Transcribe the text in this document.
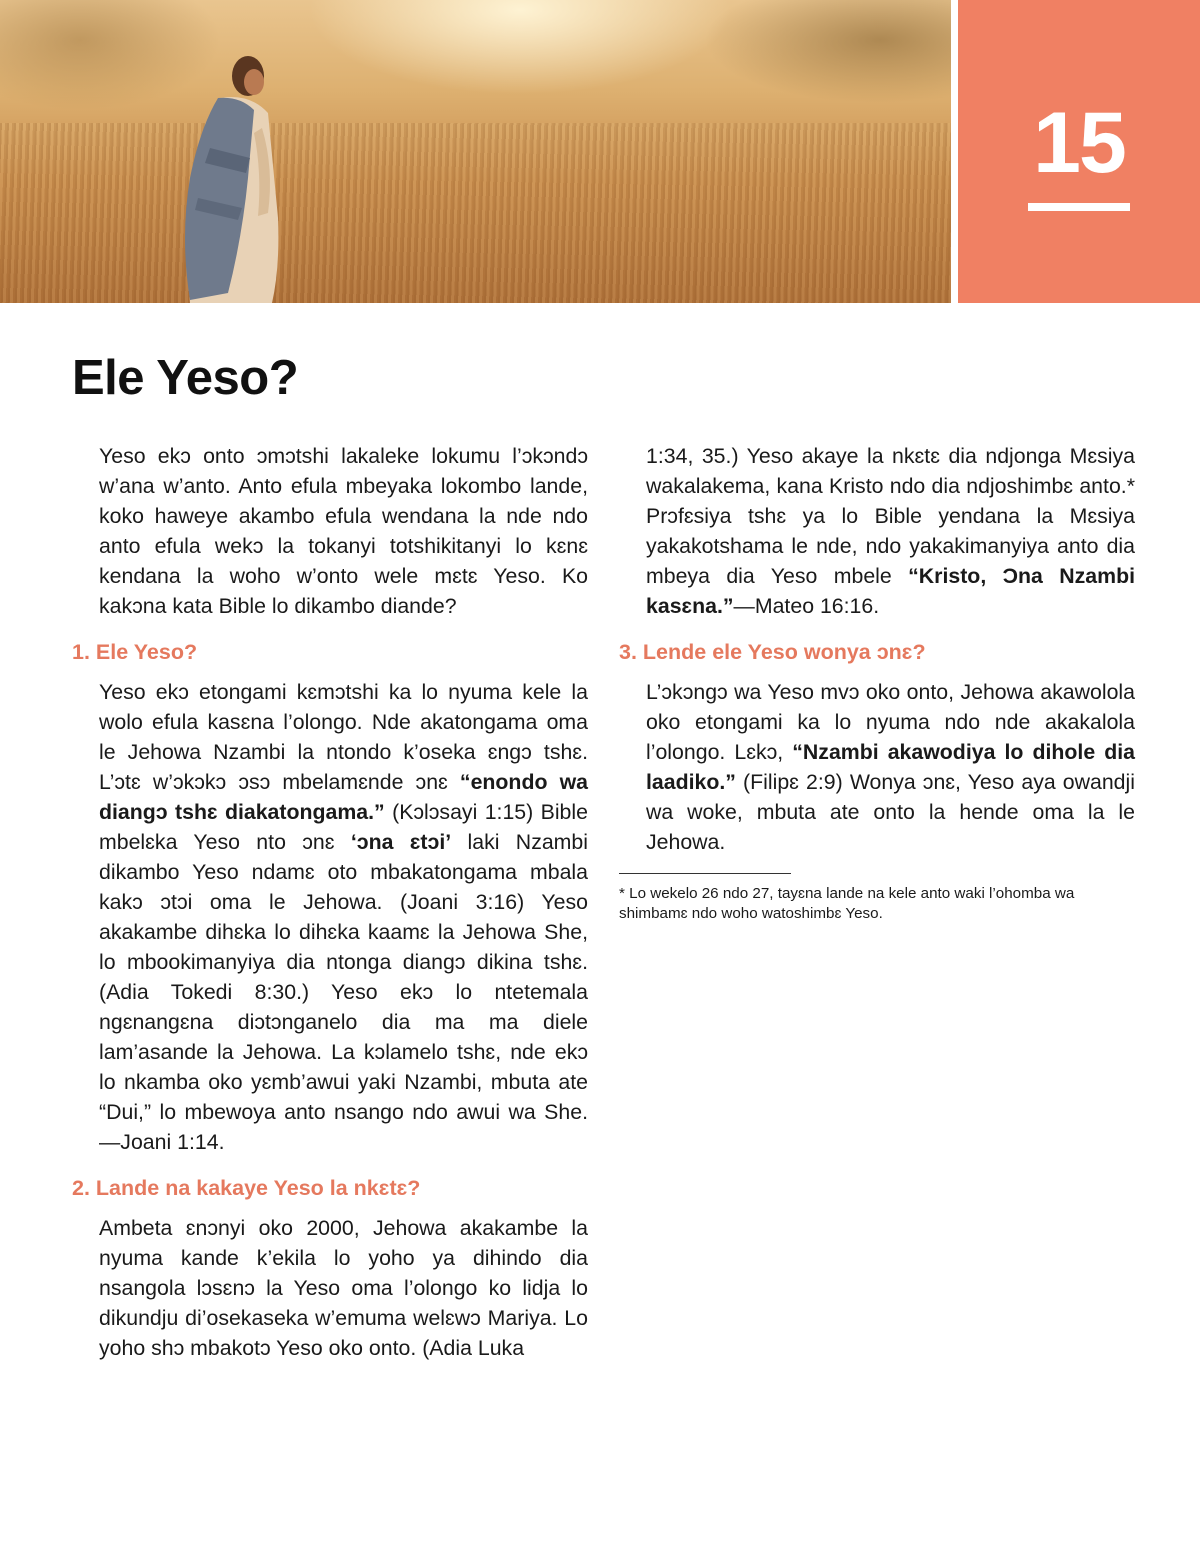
15
Ele Yeso?

Yeso ekɔ onto ɔmɔtshi lakaleke lokumu l’ɔkɔndɔ w’ana w’anto. Anto efula mbeyaka lokombo lande, koko haweye akambo efula wendana la nde ndo anto efula wekɔ la tokanyi totshikitanyi lo kɛnɛ kendana la woho w’onto wele mɛtɛ Yeso. Ko kakɔna kata Bible lo dikambo diande?

1. Ele Yeso?

Yeso ekɔ etongami kɛmɔtshi ka lo nyuma kele la wolo efula kasɛna l’olongo. Nde akatongama oma le Jehowa Nzambi la ntondo k’oseka ɛngɔ tshɛ. L’ɔtɛ w’ɔkɔkɔ ɔsɔ mbelamɛnde ɔnɛ “enondo wa diangɔ tshɛ diakatongama.” (Kɔlɔsayi 1:15) Bible mbelɛka Yeso nto ɔnɛ ‘ɔna ɛtɔi’ laki Nzambi dikambo Yeso ndamɛ oto mbakatongama mbala kakɔ ɔtɔi oma le Jehowa. (Joani 3:16) Yeso akakambe dihɛka lo dihɛka kaamɛ la Jehowa She, lo mbookimanyiya dia ntonga diangɔ dikina tshɛ. (Adia Tokedi 8:30.) Yeso ekɔ lo ntetemala ngɛnangɛna diɔtɔnganelo dia ma ma diele lam’asande la Jehowa. La kɔlamelo tshɛ, nde ekɔ lo nkamba oko yɛmb’awui yaki Nzambi, mbuta ate “Dui,” lo mbewoya anto nsango ndo awui wa She.—Joani 1:14.

2. Lande na kakaye Yeso la nkɛtɛ?

Ambeta ɛnɔnyi oko 2000, Jehowa akakambe la nyuma kande k’ekila lo yoho ya dihindo dia nsangola lɔsɛnɔ la Yeso oma l’olongo ko lidja lo dikundju di’osekaseka w’emuma welɛwɔ Mariya. Lo yoho shɔ mbakotɔ Yeso oko onto. (Adia Luka

1:34, 35.) Yeso akaye la nkɛtɛ dia ndjonga Mɛsiya wakalakema, kana Kristo ndo dia ndjoshimbɛ anto.* Prɔfɛsiya tshɛ ya lo Bible yendana la Mɛsiya yakakotshama le nde, ndo yakakimanyiya anto dia mbeya dia Yeso mbele “Kristo, Ɔna Nzambi kasɛna.”—Mateo 16:16.

3. Lende ele Yeso wonya ɔnɛ?

L’ɔkɔngɔ wa Yeso mvɔ oko onto, Jehowa akawolola oko etongami ka lo nyuma ndo nde akakalola l’olongo. Lɛkɔ, “Nzambi akawodiya lo dihole dia laadiko.” (Filipɛ 2:9) Wonya ɔnɛ, Yeso aya owandji wa woke, mbuta ate onto la hende oma la le Jehowa.

* Lo wekelo 26 ndo 27, tayɛna lande na kele anto waki l’ohomba wa shimbamɛ ndo woho watoshimbɛ Yeso.
